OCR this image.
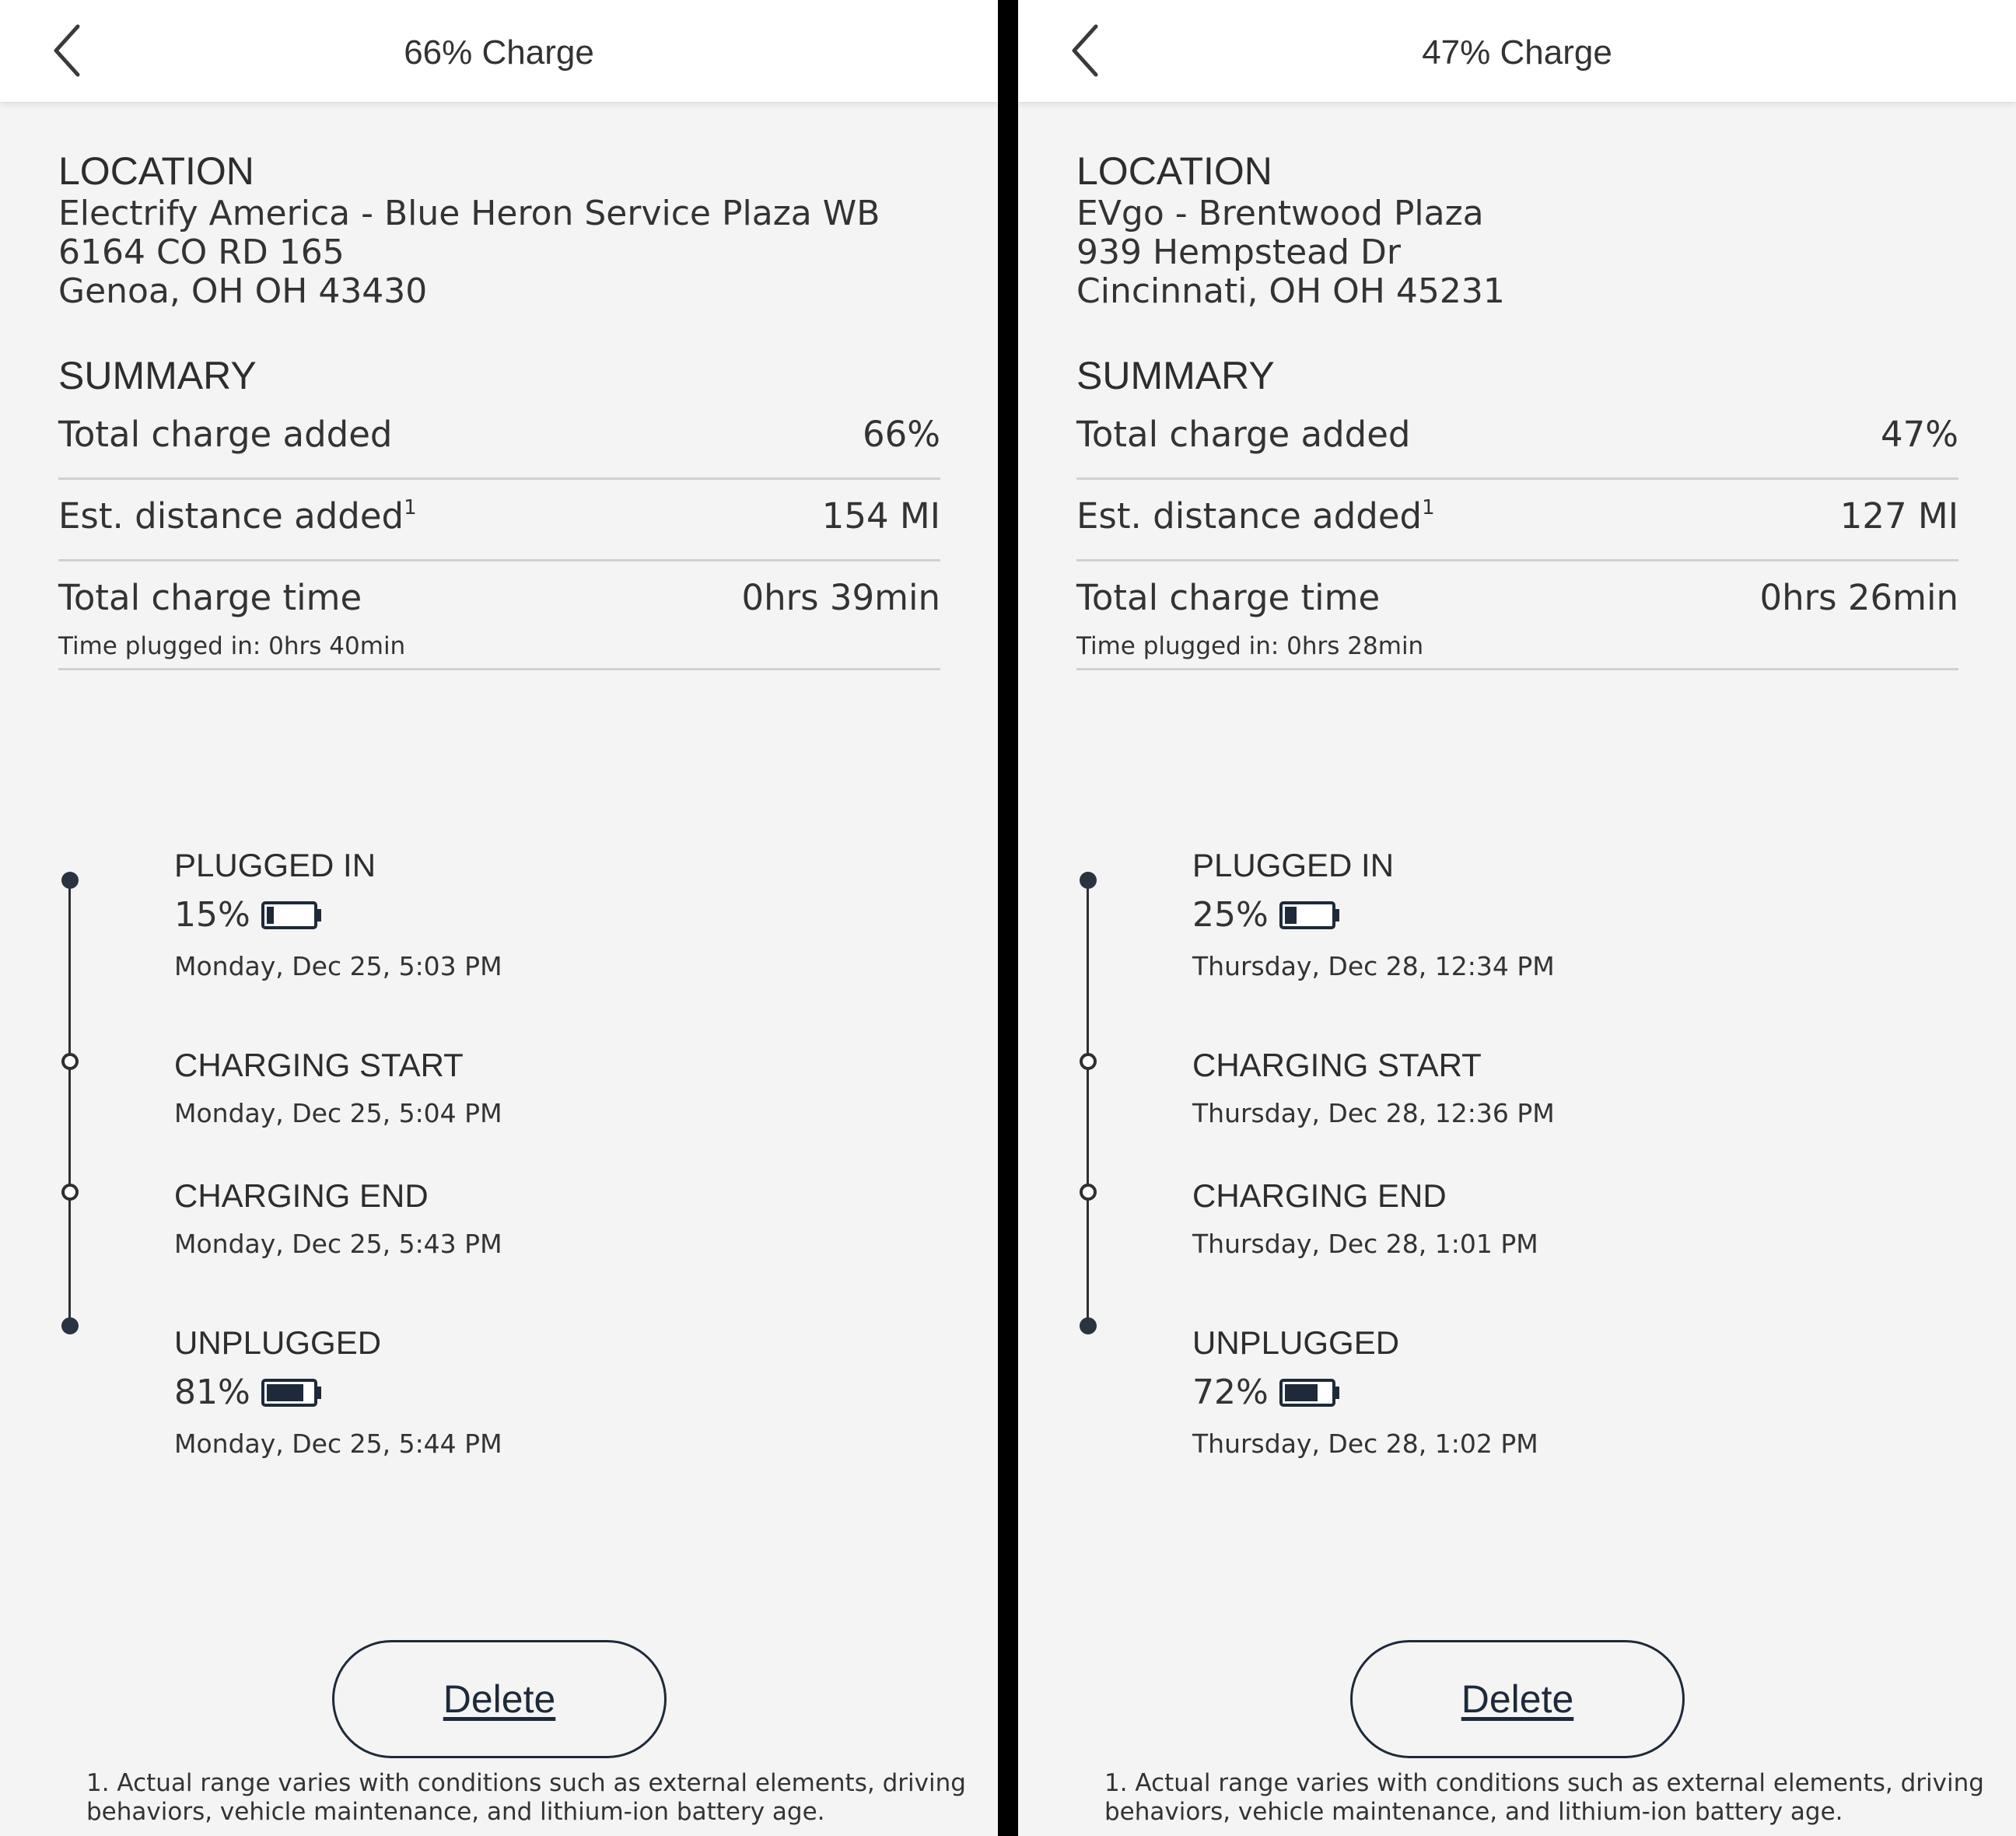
66% Charge
LOCATION
Electrify America - Blue Heron Service Plaza WB
6164 CO RD 165
Genoa, OH OH 43430
SUMMARY
Total charge added	66%
Est. distance added$^1$	154 MI
Total charge time	0hrs 39min
Time plugged in: 0hrs 40min
PLUGGED IN
15%
Monday, Dec 25, 5:03 PM
CHARGING START
Monday, Dec 25, 5:04 PM
CHARGING END
Monday, Dec 25, 5:43 PM
UNPLUGGED
81%
Monday, Dec 25, 5:44 PM
Delete
1. Actual range varies with conditions such as external elements, driving behaviors, vehicle maintenance, and lithium-ion battery age.
47% Charge
LOCATION
EVgo - Brentwood Plaza
939 Hempstead Dr
Cincinnati, OH OH 45231
SUMMARY
Total charge added	47%
Est. distance added$^1$	127 MI
Total charge time	0hrs 26min
Time plugged in: 0hrs 28min
PLUGGED IN
25%
Thursday, Dec 28, 12:34 PM
CHARGING START
Thursday, Dec 28, 12:36 PM
CHARGING END
Thursday, Dec 28, 1:01 PM
UNPLUGGED
72%
Thursday, Dec 28, 1:02 PM
Delete
1. Actual range varies with conditions such as external elements, driving behaviors, vehicle maintenance, and lithium-ion battery age.
